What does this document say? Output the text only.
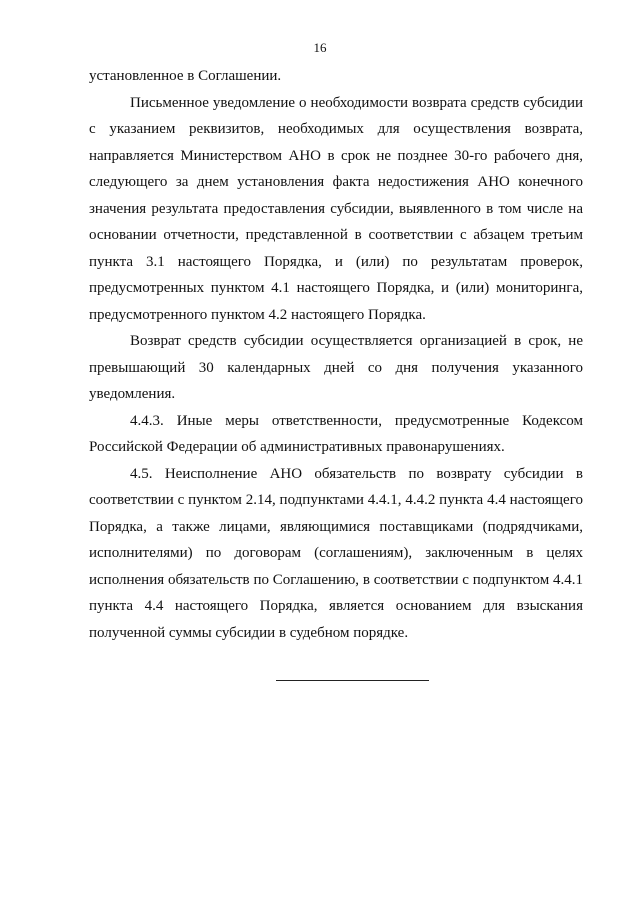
16

установленное в Соглашении.

Письменное уведомление о необходимости возврата средств субсидии с указанием реквизитов, необходимых для осуществления возврата, направляется Министерством АНО в срок не позднее 30-го рабочего дня, следующего за днем установления факта недостижения АНО конечного значения результата предоставления субсидии, выявленного в том числе на основании отчетности, представленной в соответствии с абзацем третьим пункта 3.1 настоящего Порядка, и (или) по результатам проверок, предусмотренных пунктом 4.1 настоящего Порядка, и (или) мониторинга, предусмотренного пунктом 4.2 настоящего Порядка.

Возврат средств субсидии осуществляется организацией в срок, не превышающий 30 календарных дней со дня получения указанного уведомления.

4.4.3. Иные меры ответственности, предусмотренные Кодексом Российской Федерации об административных правонарушениях.

4.5. Неисполнение АНО обязательств по возврату субсидии в соответствии с пунктом 2.14, подпунктами 4.4.1, 4.4.2 пункта 4.4 настоящего Порядка, а также лицами, являющимися поставщиками (подрядчиками, исполнителями) по договорам (соглашениям), заключенным в целях исполнения обязательств по Соглашению, в соответствии с подпунктом 4.4.1 пункта 4.4 настоящего Порядка, является основанием для взыскания полученной суммы субсидии в судебном порядке.
